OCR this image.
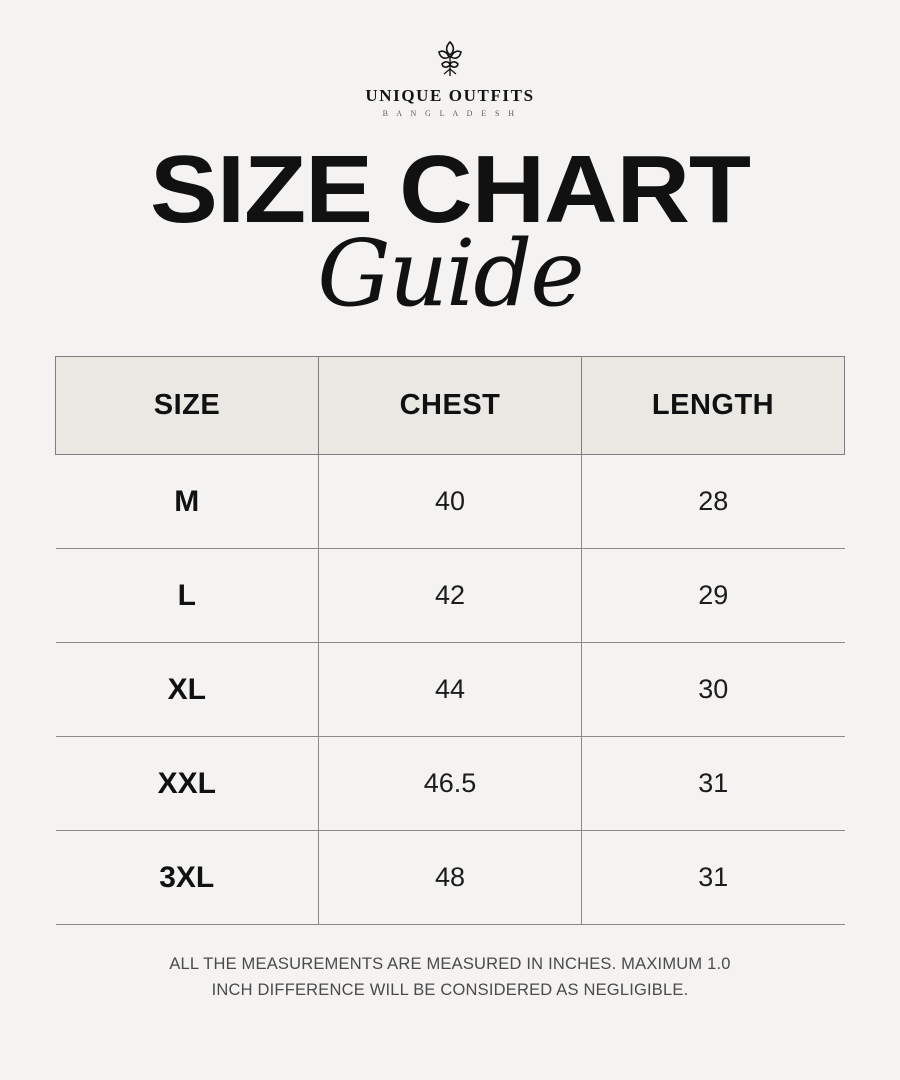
UNIQUE OUTFITS
B A N G L A D E S H
SIZE CHART
Guide
SIZE	CHEST	LENGTH
M	40	28
L	42	29
XL	44	30
XXL	46.5	31
3XL	48	31
ALL THE MEASUREMENTS ARE MEASURED IN INCHES. MAXIMUM 1.0
INCH DIFFERENCE WILL BE CONSIDERED AS NEGLIGIBLE.
